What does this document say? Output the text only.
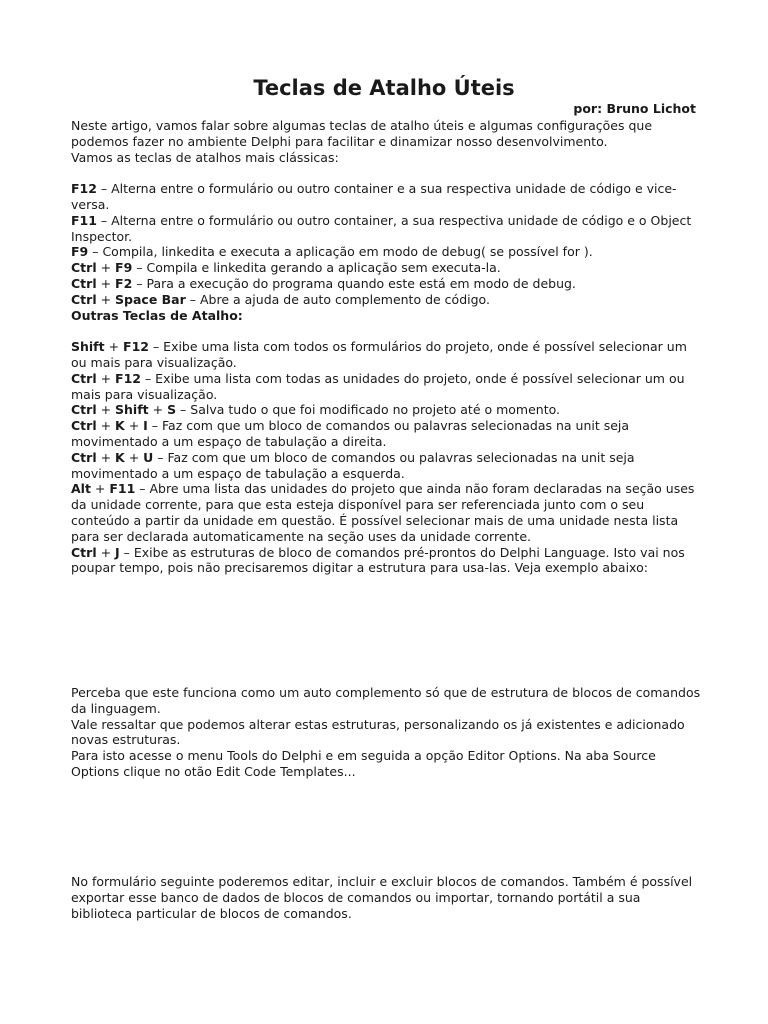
Teclas de Atalho Úteis
por: Bruno Lichot

Neste artigo, vamos falar sobre algumas teclas de atalho úteis e algumas configurações que podemos fazer no ambiente Delphi para facilitar e dinamizar nosso desenvolvimento.

Vamos as teclas de atalhos mais clássicas:

F12 – Alterna entre o formulário ou outro container e a sua respectiva unidade de código e vice-versa.

F11 – Alterna entre o formulário ou outro container, a sua respectiva unidade de código e o Object Inspector.

F9 – Compila, linkedita e executa a aplicação em modo de debug( se possível for ).

Ctrl + F9 – Compila e linkedita gerando a aplicação sem executa-la.

Ctrl + F2 – Para a execução do programa quando este está em modo de debug.

Ctrl + Space Bar – Abre a ajuda de auto complemento de código.

Outras Teclas de Atalho:

Shift + F12 – Exibe uma lista com todos os formulários do projeto, onde é possível selecionar um ou mais para visualização.

Ctrl + F12 – Exibe uma lista com todas as unidades do projeto, onde é possível selecionar um ou mais para visualização.

Ctrl + Shift + S – Salva tudo o que foi modificado no projeto até o momento.

Ctrl + K + I – Faz com que um bloco de comandos ou palavras selecionadas na unit seja movimentado a um espaço de tabulação a direita.

Ctrl + K + U – Faz com que um bloco de comandos ou palavras selecionadas na unit seja movimentado a um espaço de tabulação a esquerda.

Alt + F11 – Abre uma lista das unidades do projeto que ainda não foram declaradas na seção uses da unidade corrente, para que esta esteja disponível para ser referenciada junto com o seu conteúdo a partir da unidade em questão. É possível selecionar mais de uma unidade nesta lista para ser declarada automaticamente na seção uses da unidade corrente.

Ctrl + J – Exibe as estruturas de bloco de comandos pré-prontos do Delphi Language. Isto vai nos poupar tempo, pois não precisaremos digitar a estrutura para usa-las. Veja exemplo abaixo:

Perceba que este funciona como um auto complemento só que de estrutura de blocos de comandos da linguagem.

Vale ressaltar que podemos alterar estas estruturas, personalizando os já existentes e adicionado novas estruturas.

Para isto acesse o menu Tools do Delphi e em seguida a opção Editor Options. Na aba Source Options clique no otão Edit Code Templates...

No formulário seguinte poderemos editar, incluir e excluir blocos de comandos. Também é possível exportar esse banco de dados de blocos de comandos ou importar, tornando portátil a sua biblioteca particular de blocos de comandos.
